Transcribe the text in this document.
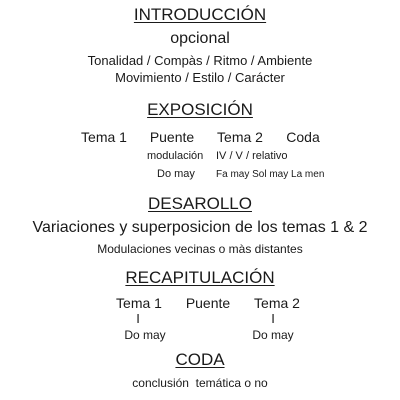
INTRODUCCIÓN
opcional
Tonalidad / Compàs / Ritmo / Ambiente
Movimiento / Estilo / Carácter
EXPOSICIÓN
Tema 1 Puente Tema 2 Coda
modulación IV / V / relativo
Do may Fa may Sol may La men
DESAROLLO
Variaciones y superposicion de los temas 1 & 2
Modulaciones vecinas o màs distantes
RECAPITULACIÓN
Tema 1 Puente Tema 2
I	I
Do may	Do may
CODA
conclusión  temática o no
